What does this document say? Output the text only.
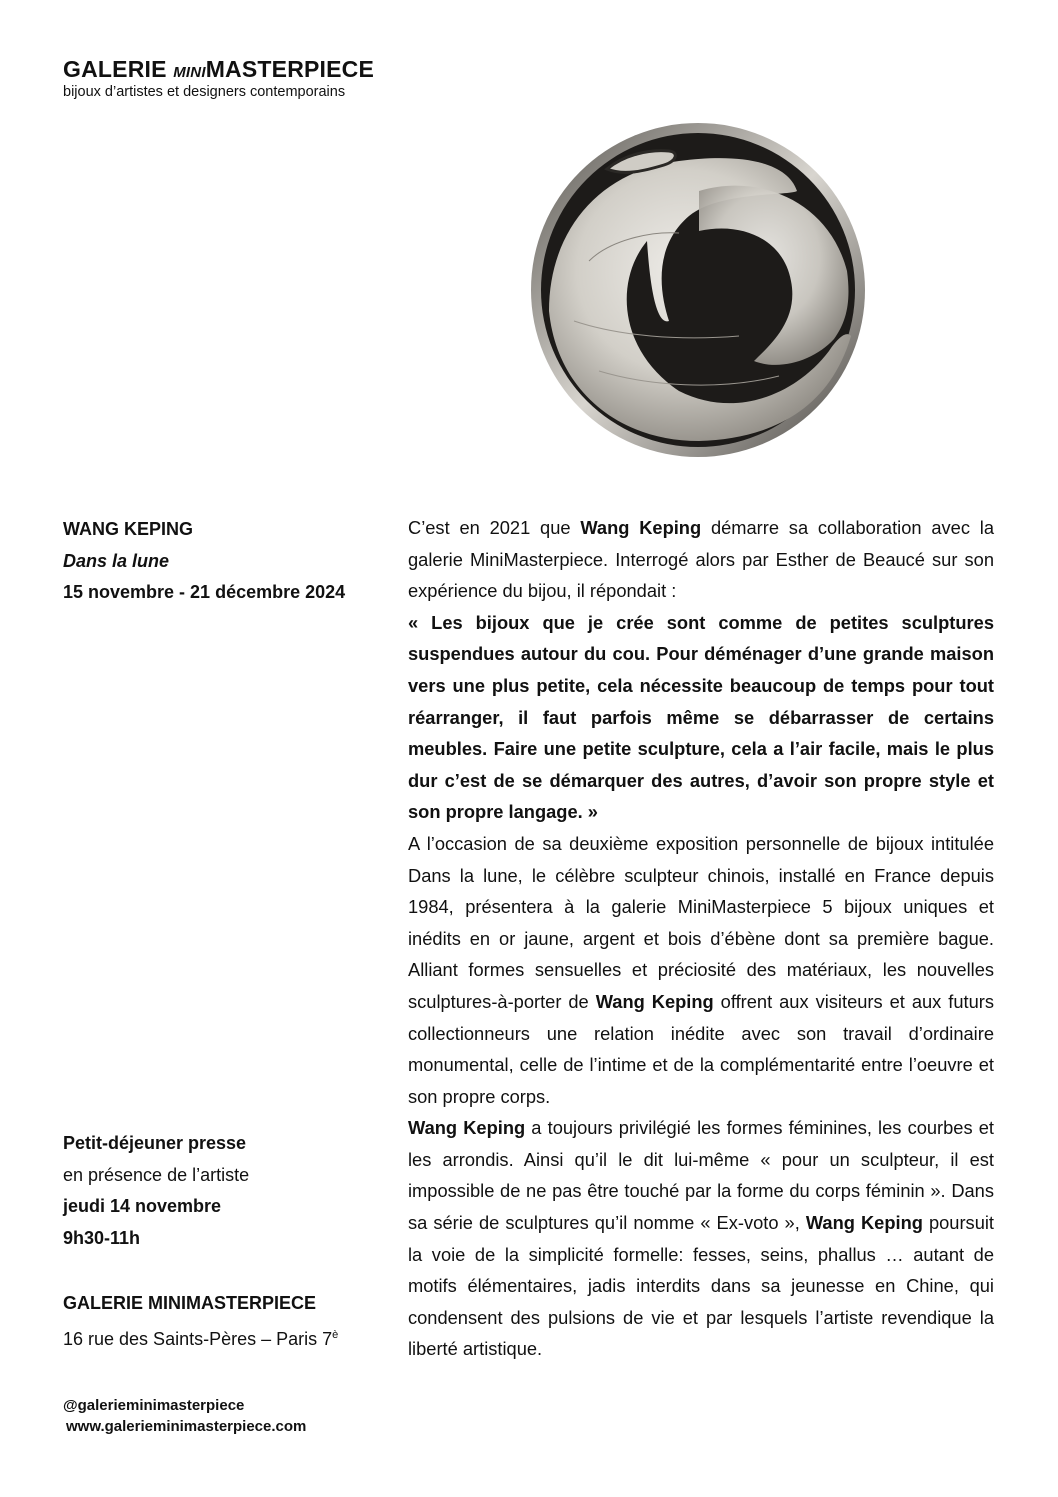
GALERIE MINIMASTERPIECE
bijoux d’artistes et designers contemporains

WANG KEPING

Dans la lune

15 novembre - 21 décembre 2024

Petit-déjeuner presse

en présence de l’artiste

jeudi 14 novembre

9h30-11h

GALERIE MINIMASTERPIECE

16 rue des Saints-Pères – Paris $7^è$

@galerieminimasterpiece

www.galerieminimasterpiece.com

C’est en 2021 que Wang Keping démarre sa collaboration avec la galerie MiniMasterpiece. Interrogé alors par Esther de Beaucé sur son expérience du bijou, il répondait :

« Les bijoux que je crée sont comme de petites sculptures suspendues autour du cou. Pour déménager d’une grande maison vers une plus petite, cela nécessite beaucoup de temps pour tout réarranger, il faut parfois même se débarrasser de certains meubles. Faire une petite sculpture, cela a l’air facile, mais le plus dur c’est de se démarquer des autres, d’avoir son propre style et son propre langage. »

A l’occasion de sa deuxième exposition personnelle de bijoux intitulée Dans la lune, le célèbre sculpteur chinois, installé en France depuis 1984, présentera à la galerie MiniMasterpiece 5 bijoux uniques et inédits en or jaune, argent et bois d’ébène dont sa première bague. Alliant formes sensuelles et préciosité des matériaux, les nouvelles sculptures-à-porter de Wang Keping offrent aux visiteurs et aux futurs collectionneurs une relation inédite avec son travail d’ordinaire monumental, celle de l’intime et de la complémentarité entre l’oeuvre et son propre corps.

Wang Keping a toujours privilégié les formes féminines, les courbes et les arrondis. Ainsi qu’il le dit lui-même « pour un sculpteur, il est impossible de ne pas être touché par la forme du corps féminin ». Dans sa série de sculptures qu’il nomme « Ex-voto », Wang Keping poursuit la voie de la simplicité formelle: fesses, seins, phallus … autant de motifs élémentaires, jadis interdits dans sa jeunesse en Chine, qui condensent des pulsions de vie et par lesquels l’artiste revendique la liberté artistique.
